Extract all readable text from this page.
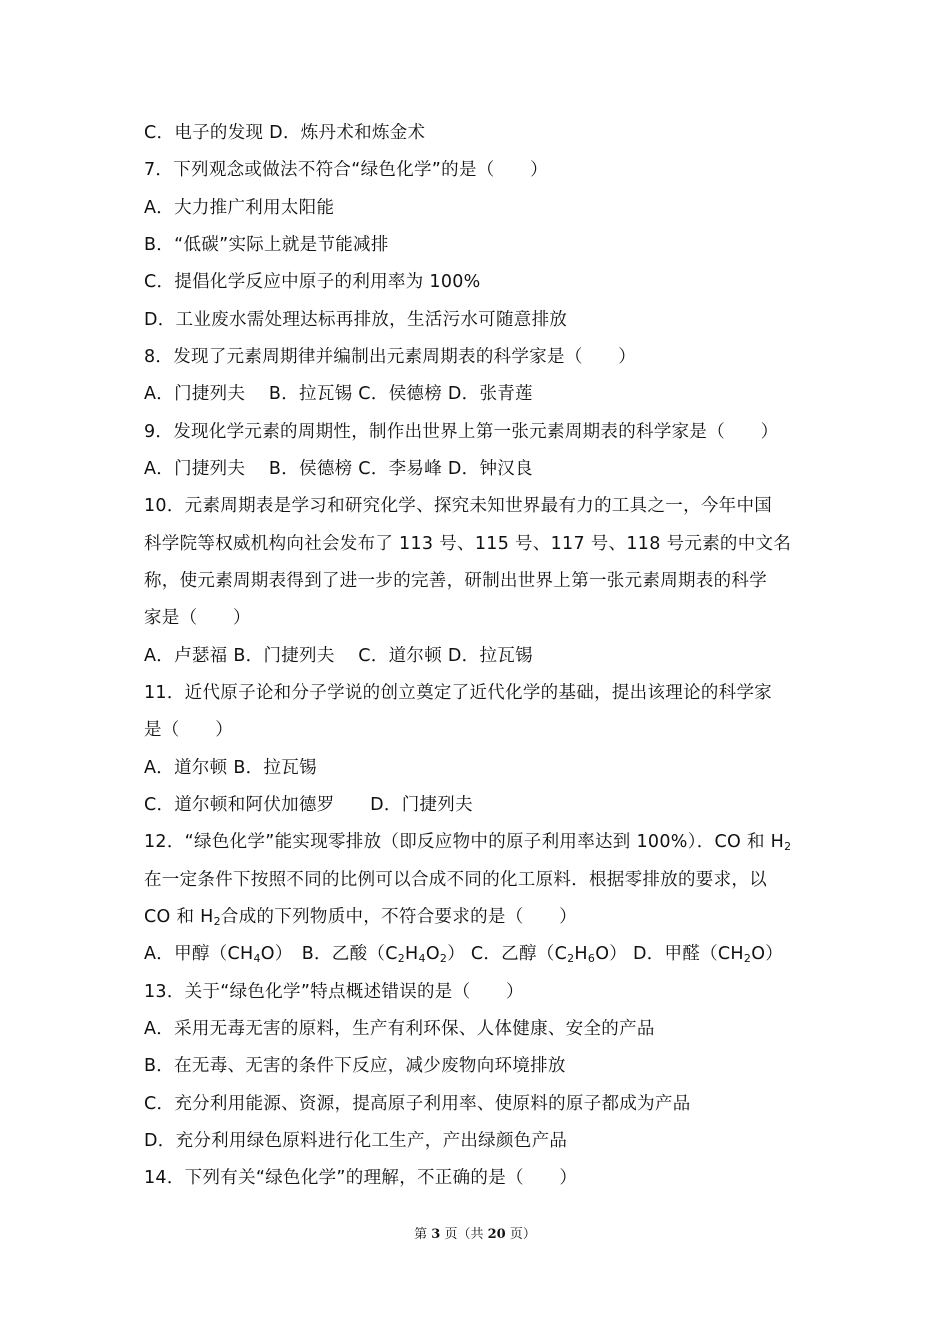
C．电子的发现 D．炼丹术和炼金术
7．下列观念或做法不符合“绿色化学”的是（　　）
A．大力推广利用太阳能
B．“低碳”实际上就是节能减排
C．提倡化学反应中原子的利用率为 100%
D．工业废水需处理达标再排放，生活污水可随意排放
8．发现了元素周期律并编制出元素周期表的科学家是（　　）
A．门捷列夫　 B．拉瓦锡 C．侯德榜 D．张青莲
9．发现化学元素的周期性，制作出世界上第一张元素周期表的科学家是（　　）
A．门捷列夫　 B．侯德榜 C．李易峰 D．钟汉良
10．元素周期表是学习和研究化学、探究未知世界最有力的工具之一，今年中国
科学院等权威机构向社会发布了 113 号、115 号、117 号、118 号元素的中文名
称，使元素周期表得到了进一步的完善，研制出世界上第一张元素周期表的科学
家是（　　）
A．卢瑟福 B．门捷列夫　 C．道尔顿 D．拉瓦锡
11．近代原子论和分子学说的创立奠定了近代化学的基础，提出该理论的科学家
是（　　）
A．道尔顿 B．拉瓦锡
C．道尔顿和阿伏加德罗　　D．门捷列夫
12．“绿色化学”能实现零排放（即反应物中的原子利用率达到 100%）．CO 和 $H_2$
在一定条件下按照不同的比例可以合成不同的化工原料．根据零排放的要求，以
CO 和 $H_2$合成的下列物质中，不符合要求的是（　　）
A．甲醇$(CH_4O)$　B．乙酸$(C_2H_4O_2)$ C．乙醇$(C_2H_6O)$ D．甲醛$(CH_2O)$
13．关于“绿色化学”特点概述错误的是（　　）
A．采用无毒无害的原料，生产有利环保、人体健康、安全的产品
B．在无毒、无害的条件下反应，减少废物向环境排放
C．充分利用能源、资源，提高原子利用率、使原料的原子都成为产品
D．充分利用绿色原料进行化工生产，产出绿颜色产品
14．下列有关“绿色化学”的理解，不正确的是（　　）
第 3 页（共 20 页）
